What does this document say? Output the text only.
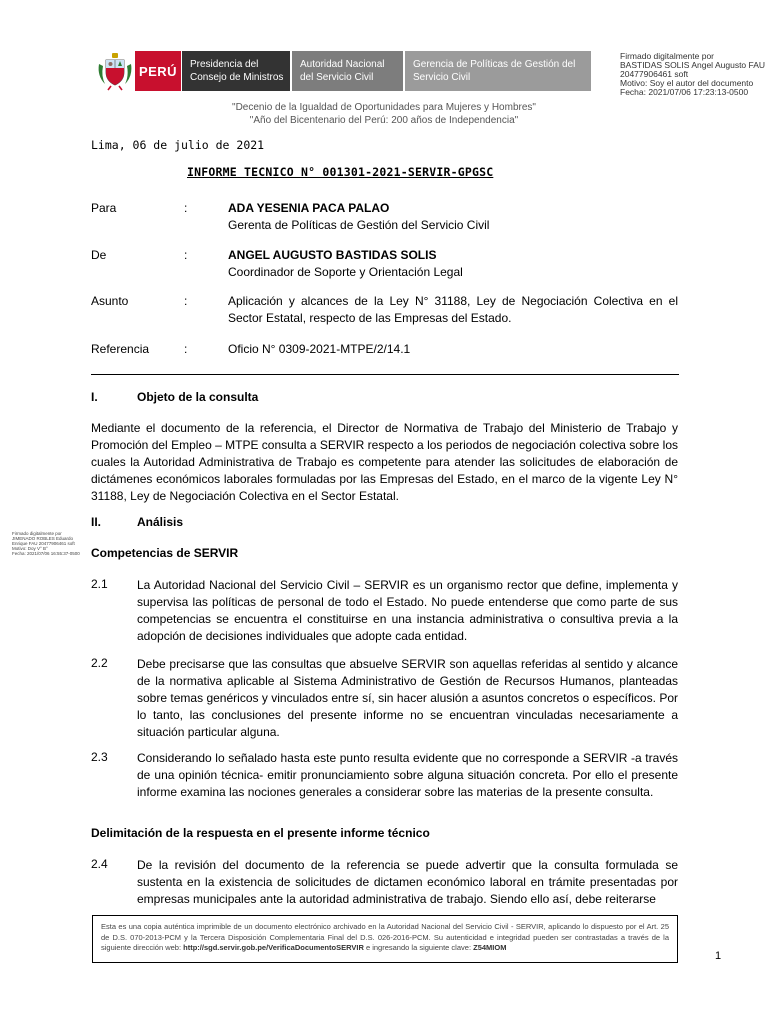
PERÚ	Presidencia del
Consejo de Ministros
Autoridad Nacional
del Servicio Civil
Gerencia de Políticas de Gestión del
Servicio Civil
Firmado digitalmente por
BASTIDAS SOLIS Angel Augusto FAU
20477906461 soft
Motivo: Soy el autor del documento
Fecha: 2021/07/06 17:23:13-0500
"Decenio de la Igualdad de Oportunidades para Mujeres y Hombres"
"Año del Bicentenario del Perú: 200 años de Independencia"
Lima, 06 de julio de 2021
INFORME TECNICO N° 001301-2021-SERVIR-GPGSC
Para	:	ADA YESENIA PACA PALAO
Gerenta de Políticas de Gestión del Servicio Civil
De	:	ANGEL AUGUSTO BASTIDAS SOLIS
Coordinador de Soporte y Orientación Legal
Asunto	:	Aplicación y alcances de la Ley N° 31188, Ley de Negociación Colectiva en el Sector Estatal, respecto de las Empresas del Estado.
Referencia	:	Oficio N° 0309-2021-MTPE/2/14.1
I.	Objeto de la consulta
Mediante el documento de la referencia, el Director de Normativa de Trabajo del Ministerio de Trabajo y Promoción del Empleo – MTPE consulta a SERVIR respecto a los periodos de negociación colectiva sobre los cuales la Autoridad Administrativa de Trabajo es competente para atender las solicitudes de elaboración de dictámenes económicos laborales formuladas por las Empresas del Estado, en el marco de la vigente Ley N° 31188, Ley de Negociación Colectiva en el Sector Estatal.
II.	Análisis
Firmado digitalmente por
JIMENADO ROBLES Eduardo
Enrique FAU 20477906461 soft
Motivo: Doy V° B°
Fecha: 2021/07/06 16:55:37-0500 Competencias de SERVIR
2.1 La Autoridad Nacional del Servicio Civil – SERVIR es un organismo rector que define, implementa y supervisa las políticas de personal de todo el Estado. No puede entenderse que como parte de sus competencias se encuentra el constituirse en una instancia administrativa o consultiva previa a la adopción de decisiones individuales que adopte cada entidad.
2.2 Debe precisarse que las consultas que absuelve SERVIR son aquellas referidas al sentido y alcance de la normativa aplicable al Sistema Administrativo de Gestión de Recursos Humanos, planteadas sobre temas genéricos y vinculados entre sí, sin hacer alusión a asuntos concretos o específicos. Por lo tanto, las conclusiones del presente informe no se encuentran vinculadas necesariamente a situación particular alguna.
2.3 Considerando lo señalado hasta este punto resulta evidente que no corresponde a SERVIR -a través de una opinión técnica- emitir pronunciamiento sobre alguna situación concreta. Por ello el presente informe examina las nociones generales a considerar sobre las materias de la presente consulta.
Delimitación de la respuesta en el presente informe técnico
2.4 De la revisión del documento de la referencia se puede advertir que la consulta formulada se sustenta en la existencia de solicitudes de dictamen económico laboral en trámite presentadas por empresas municipales ante la autoridad administrativa de trabajo. Siendo ello así, debe reiterarse
Esta es una copia auténtica imprimible de un documento electrónico archivado en la Autoridad Nacional del Servicio Civil - SERVIR, aplicando lo dispuesto por el Art. 25 de D.S. 070-2013-PCM y la Tercera Disposición Complementaria Final del D.S. 026-2016-PCM. Su autenticidad e integridad pueden ser contrastadas a través de la siguiente dirección web: http://sgd.servir.gob.pe/VerificaDocumentoSERVIR e ingresando la siguiente clave: Z54MIOM
1
